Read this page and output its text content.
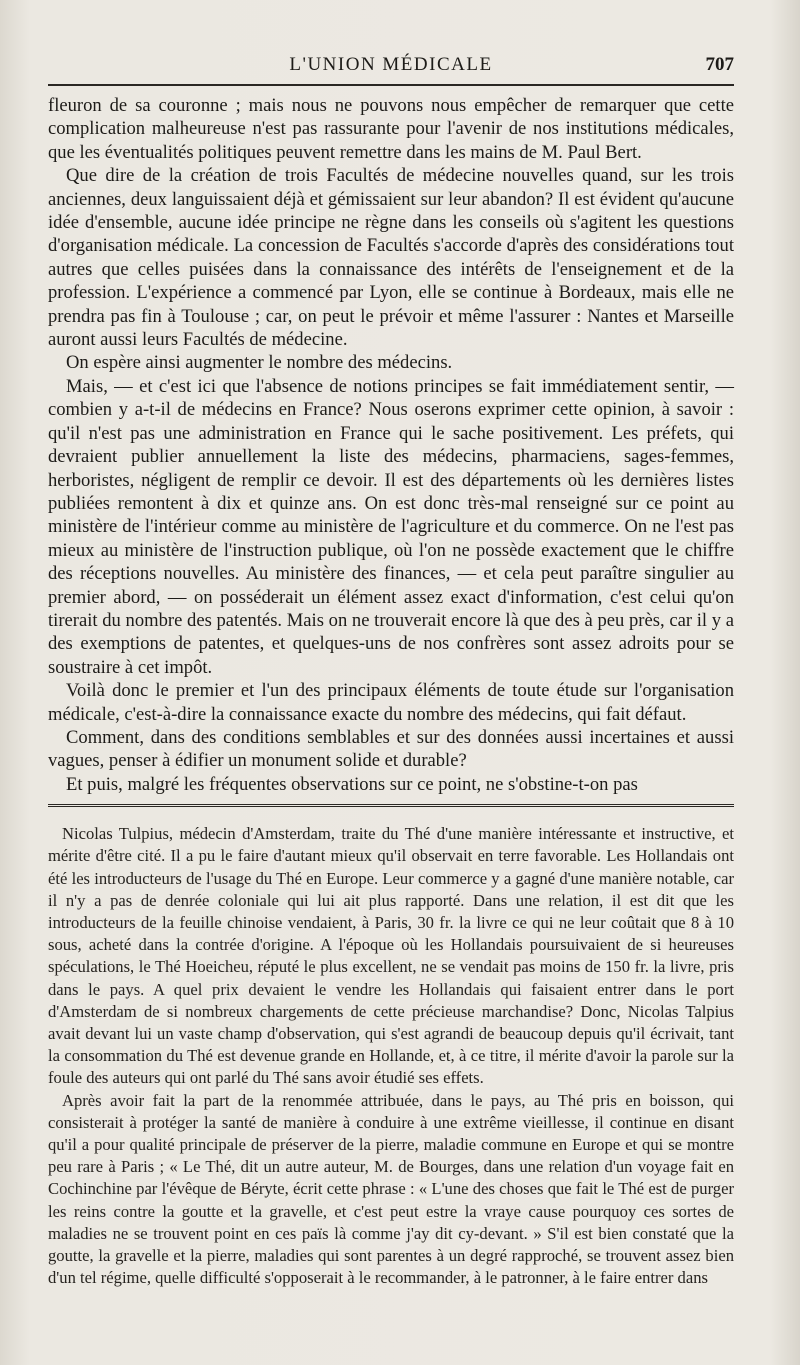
L'UNION MÉDICALE	707

fleuron de sa couronne ; mais nous ne pouvons nous empêcher de remarquer que cette complication malheureuse n'est pas rassurante pour l'avenir de nos institutions médicales, que les éventualités politiques peuvent remettre dans les mains de M. Paul Bert.

Que dire de la création de trois Facultés de médecine nouvelles quand, sur les trois anciennes, deux languissaient déjà et gémissaient sur leur abandon? Il est évident qu'aucune idée d'ensemble, aucune idée principe ne règne dans les conseils où s'agitent les questions d'organisation médicale. La concession de Facultés s'accorde d'après des considérations tout autres que celles puisées dans la connaissance des intérêts de l'enseignement et de la profession. L'expérience a commencé par Lyon, elle se continue à Bordeaux, mais elle ne prendra pas fin à Toulouse ; car, on peut le prévoir et même l'assurer : Nantes et Marseille auront aussi leurs Facultés de médecine.

On espère ainsi augmenter le nombre des médecins.

Mais, — et c'est ici que l'absence de notions principes se fait immédiatement sentir, — combien y a-t-il de médecins en France? Nous oserons exprimer cette opinion, à savoir : qu'il n'est pas une administration en France qui le sache positivement. Les préfets, qui devraient publier annuellement la liste des médecins, pharmaciens, sages-femmes, herboristes, négligent de remplir ce devoir. Il est des départements où les dernières listes publiées remontent à dix et quinze ans. On est donc très-mal renseigné sur ce point au ministère de l'intérieur comme au ministère de l'agriculture et du commerce. On ne l'est pas mieux au ministère de l'instruction publique, où l'on ne possède exactement que le chiffre des réceptions nouvelles. Au ministère des finances, — et cela peut paraître singulier au premier abord, — on posséderait un élément assez exact d'information, c'est celui qu'on tirerait du nombre des patentés. Mais on ne trouverait encore là que des à peu près, car il y a des exemptions de patentes, et quelques-uns de nos confrères sont assez adroits pour se soustraire à cet impôt.

Voilà donc le premier et l'un des principaux éléments de toute étude sur l'organisation médicale, c'est-à-dire la connaissance exacte du nombre des médecins, qui fait défaut.

Comment, dans des conditions semblables et sur des données aussi incertaines et aussi vagues, penser à édifier un monument solide et durable?

Et puis, malgré les fréquentes observations sur ce point, ne s'obstine-t-on pas

Nicolas Tulpius, médecin d'Amsterdam, traite du Thé d'une manière intéressante et instructive, et mérite d'être cité. Il a pu le faire d'autant mieux qu'il observait en terre favorable. Les Hollandais ont été les introducteurs de l'usage du Thé en Europe. Leur commerce y a gagné d'une manière notable, car il n'y a pas de denrée coloniale qui lui ait plus rapporté. Dans une relation, il est dit que les introducteurs de la feuille chinoise vendaient, à Paris, 30 fr. la livre ce qui ne leur coûtait que 8 à 10 sous, acheté dans la contrée d'origine. A l'époque où les Hollandais poursuivaient de si heureuses spéculations, le Thé Hoeicheu, réputé le plus excellent, ne se vendait pas moins de 150 fr. la livre, pris dans le pays. A quel prix devaient le vendre les Hollandais qui faisaient entrer dans le port d'Amsterdam de si nombreux chargements de cette précieuse marchandise? Donc, Nicolas Talpius avait devant lui un vaste champ d'observation, qui s'est agrandi de beaucoup depuis qu'il écrivait, tant la consommation du Thé est devenue grande en Hollande, et, à ce titre, il mérite d'avoir la parole sur la foule des auteurs qui ont parlé du Thé sans avoir étudié ses effets.

Après avoir fait la part de la renommée attribuée, dans le pays, au Thé pris en boisson, qui consisterait à protéger la santé de manière à conduire à une extrême vieillesse, il continue en disant qu'il a pour qualité principale de préserver de la pierre, maladie commune en Europe et qui se montre peu rare à Paris ; « Le Thé, dit un autre auteur, M. de Bourges, dans une relation d'un voyage fait en Cochinchine par l'évêque de Béryte, écrit cette phrase : « L'une des choses que fait le Thé est de purger les reins contre la goutte et la gravelle, et c'est peut estre la vraye cause pourquoy ces sortes de maladies ne se trouvent point en ces païs là comme j'ay dit cy-devant. » S'il est bien constaté que la goutte, la gravelle et la pierre, maladies qui sont parentes à un degré rapproché, se trouvent assez bien d'un tel régime, quelle difficulté s'opposerait à le recommander, à le patronner, à le faire entrer dans
